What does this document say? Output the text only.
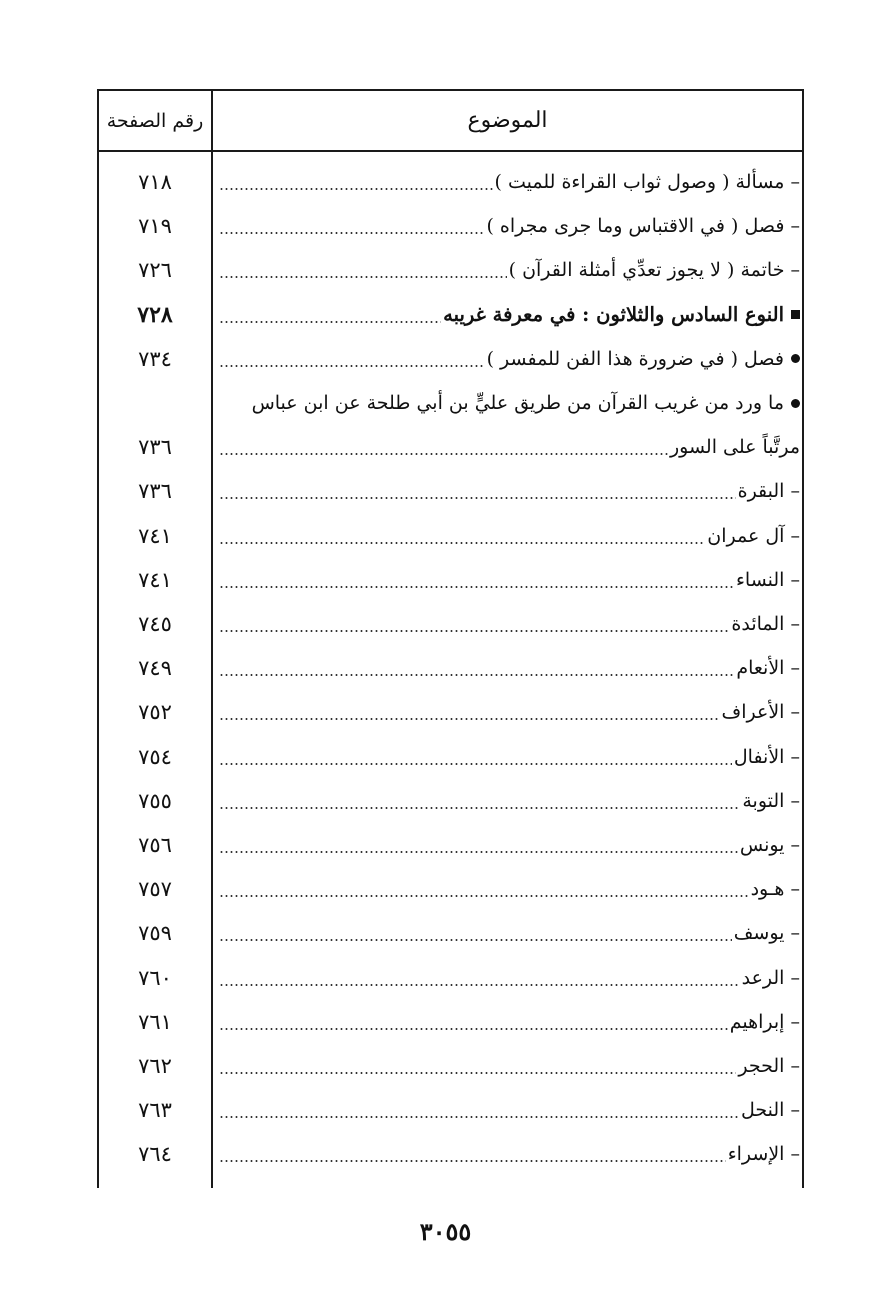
الموضوع
رقم الصفحة
– مسألة ( وصول ثواب القراءة للميت )
٧١٨
– فصل ( في الاقتباس وما جرى مجراه )
٧١٩
– خاتمة ( لا يجوز تعدِّي أمثلة القرآن )
٧٢٦
النوع السادس والثلاثون : في معرفة غريبه
٧٢٨
فصل ( في ضرورة هذا الفن للمفسر )
٧٣٤
ما ورد من غريب القرآن من طريق عليٍّ بن أبي طلحة عن ابن عباس
مرتَّباً على السور
٧٣٦
– البقرة
٧٣٦
– آل عمران
٧٤١
– النساء
٧٤١
– المائدة
٧٤٥
– الأنعام
٧٤٩
– الأعراف
٧٥٢
– الأنفال
٧٥٤
– التوبة
٧٥٥
– يونس
٧٥٦
– هـود
٧٥٧
– يوسف
٧٥٩
– الرعد
٧٦٠
– إبراهيم
٧٦١
– الحجر
٧٦٢
– النحل
٧٦٣
– الإسراء
٧٦٤
٣٠٥٥
